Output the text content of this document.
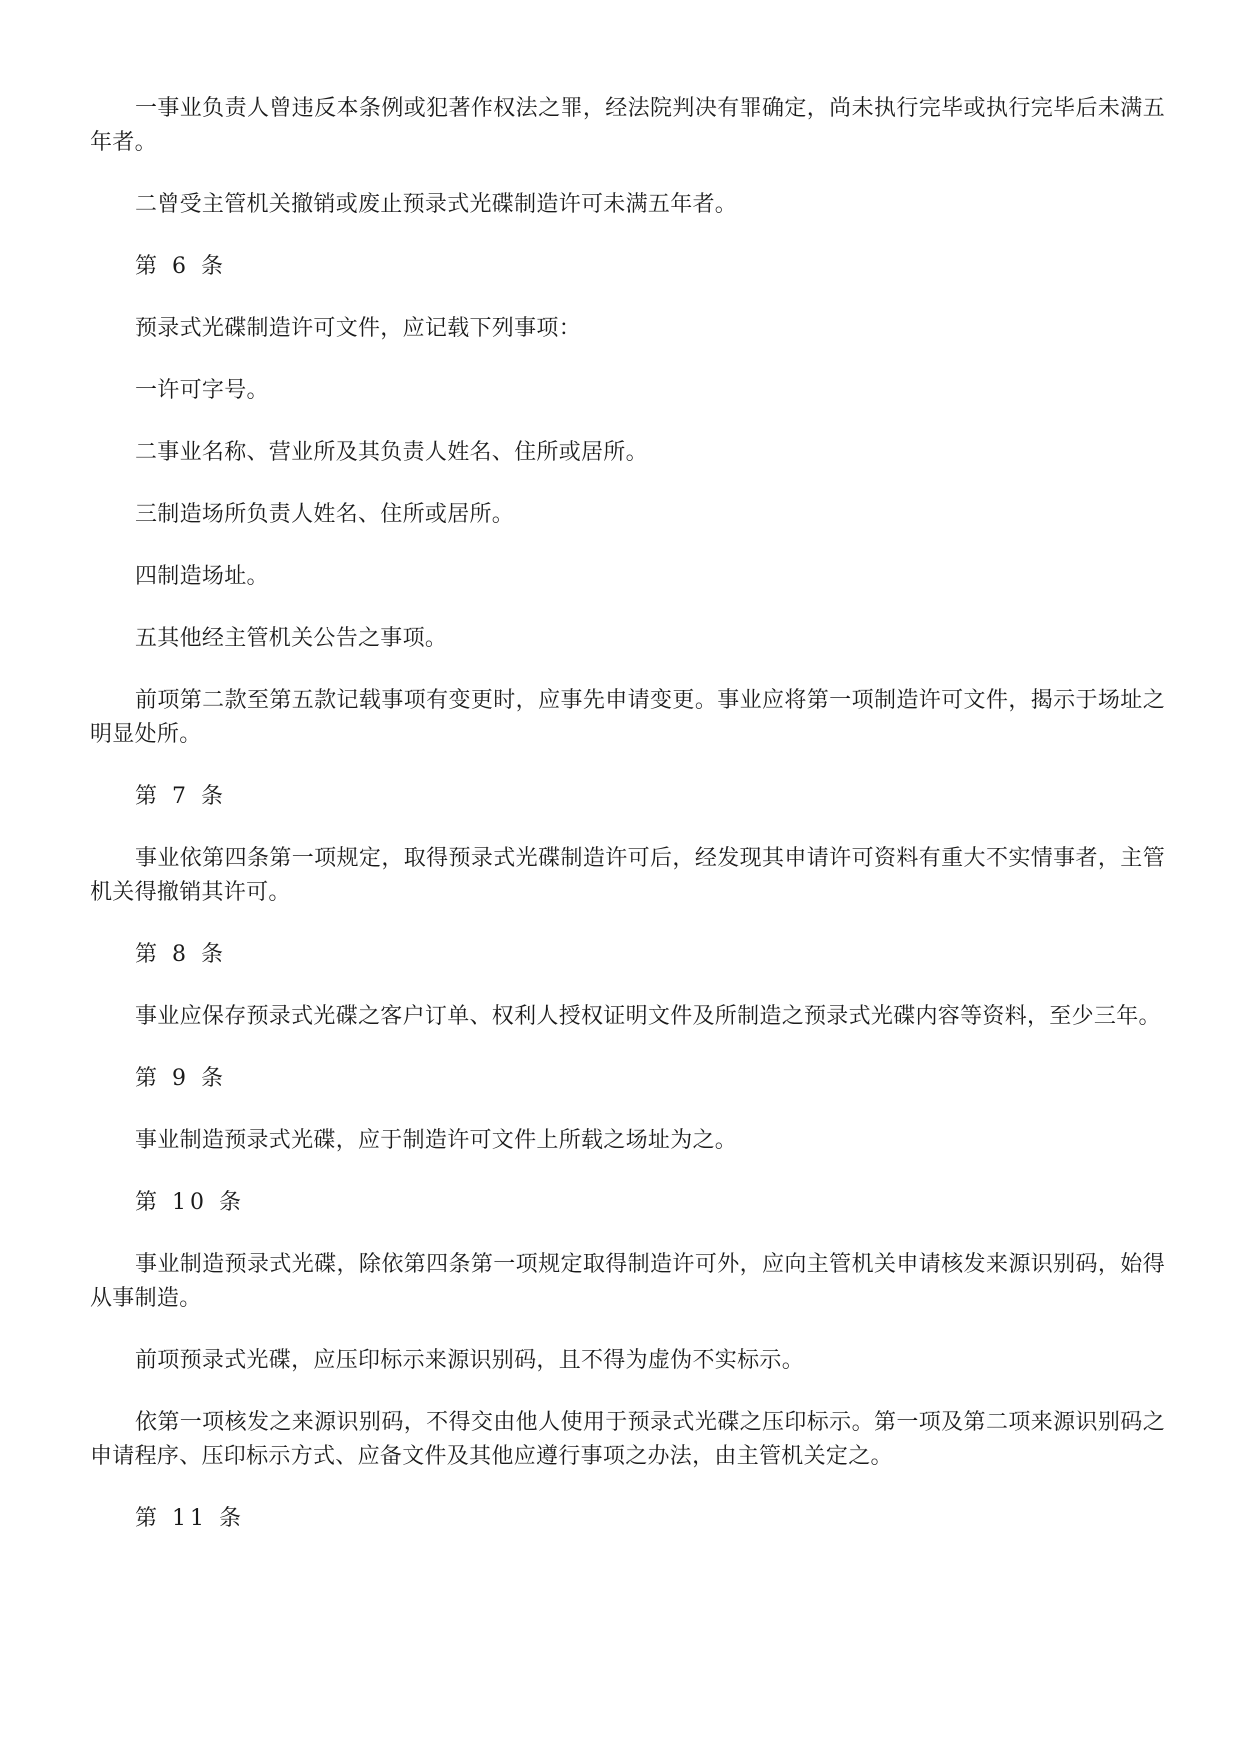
一事业负责人曾违反本条例或犯著作权法之罪，经法院判决有罪确定，尚未执行完毕或执行完毕后未满五年者。

二曾受主管机关撤销或废止预录式光碟制造许可未满五年者。

第 6 条

预录式光碟制造许可文件，应记载下列事项：

一许可字号。

二事业名称、营业所及其负责人姓名、住所或居所。

三制造场所负责人姓名、住所或居所。

四制造场址。

五其他经主管机关公告之事项。

前项第二款至第五款记载事项有变更时，应事先申请变更。事业应将第一项制造许可文件，揭示于场址之明显处所。

第 7 条

事业依第四条第一项规定，取得预录式光碟制造许可后，经发现其申请许可资料有重大不实情事者，主管机关得撤销其许可。

第 8 条

事业应保存预录式光碟之客户订单、权利人授权证明文件及所制造之预录式光碟内容等资料，至少三年。

第 9 条

事业制造预录式光碟，应于制造许可文件上所载之场址为之。

第 10 条

事业制造预录式光碟，除依第四条第一项规定取得制造许可外，应向主管机关申请核发来源识别码，始得从事制造。

前项预录式光碟，应压印标示来源识别码，且不得为虚伪不实标示。

依第一项核发之来源识别码，不得交由他人使用于预录式光碟之压印标示。第一项及第二项来源识别码之申请程序、压印标示方式、应备文件及其他应遵行事项之办法，由主管机关定之。

第 11 条
